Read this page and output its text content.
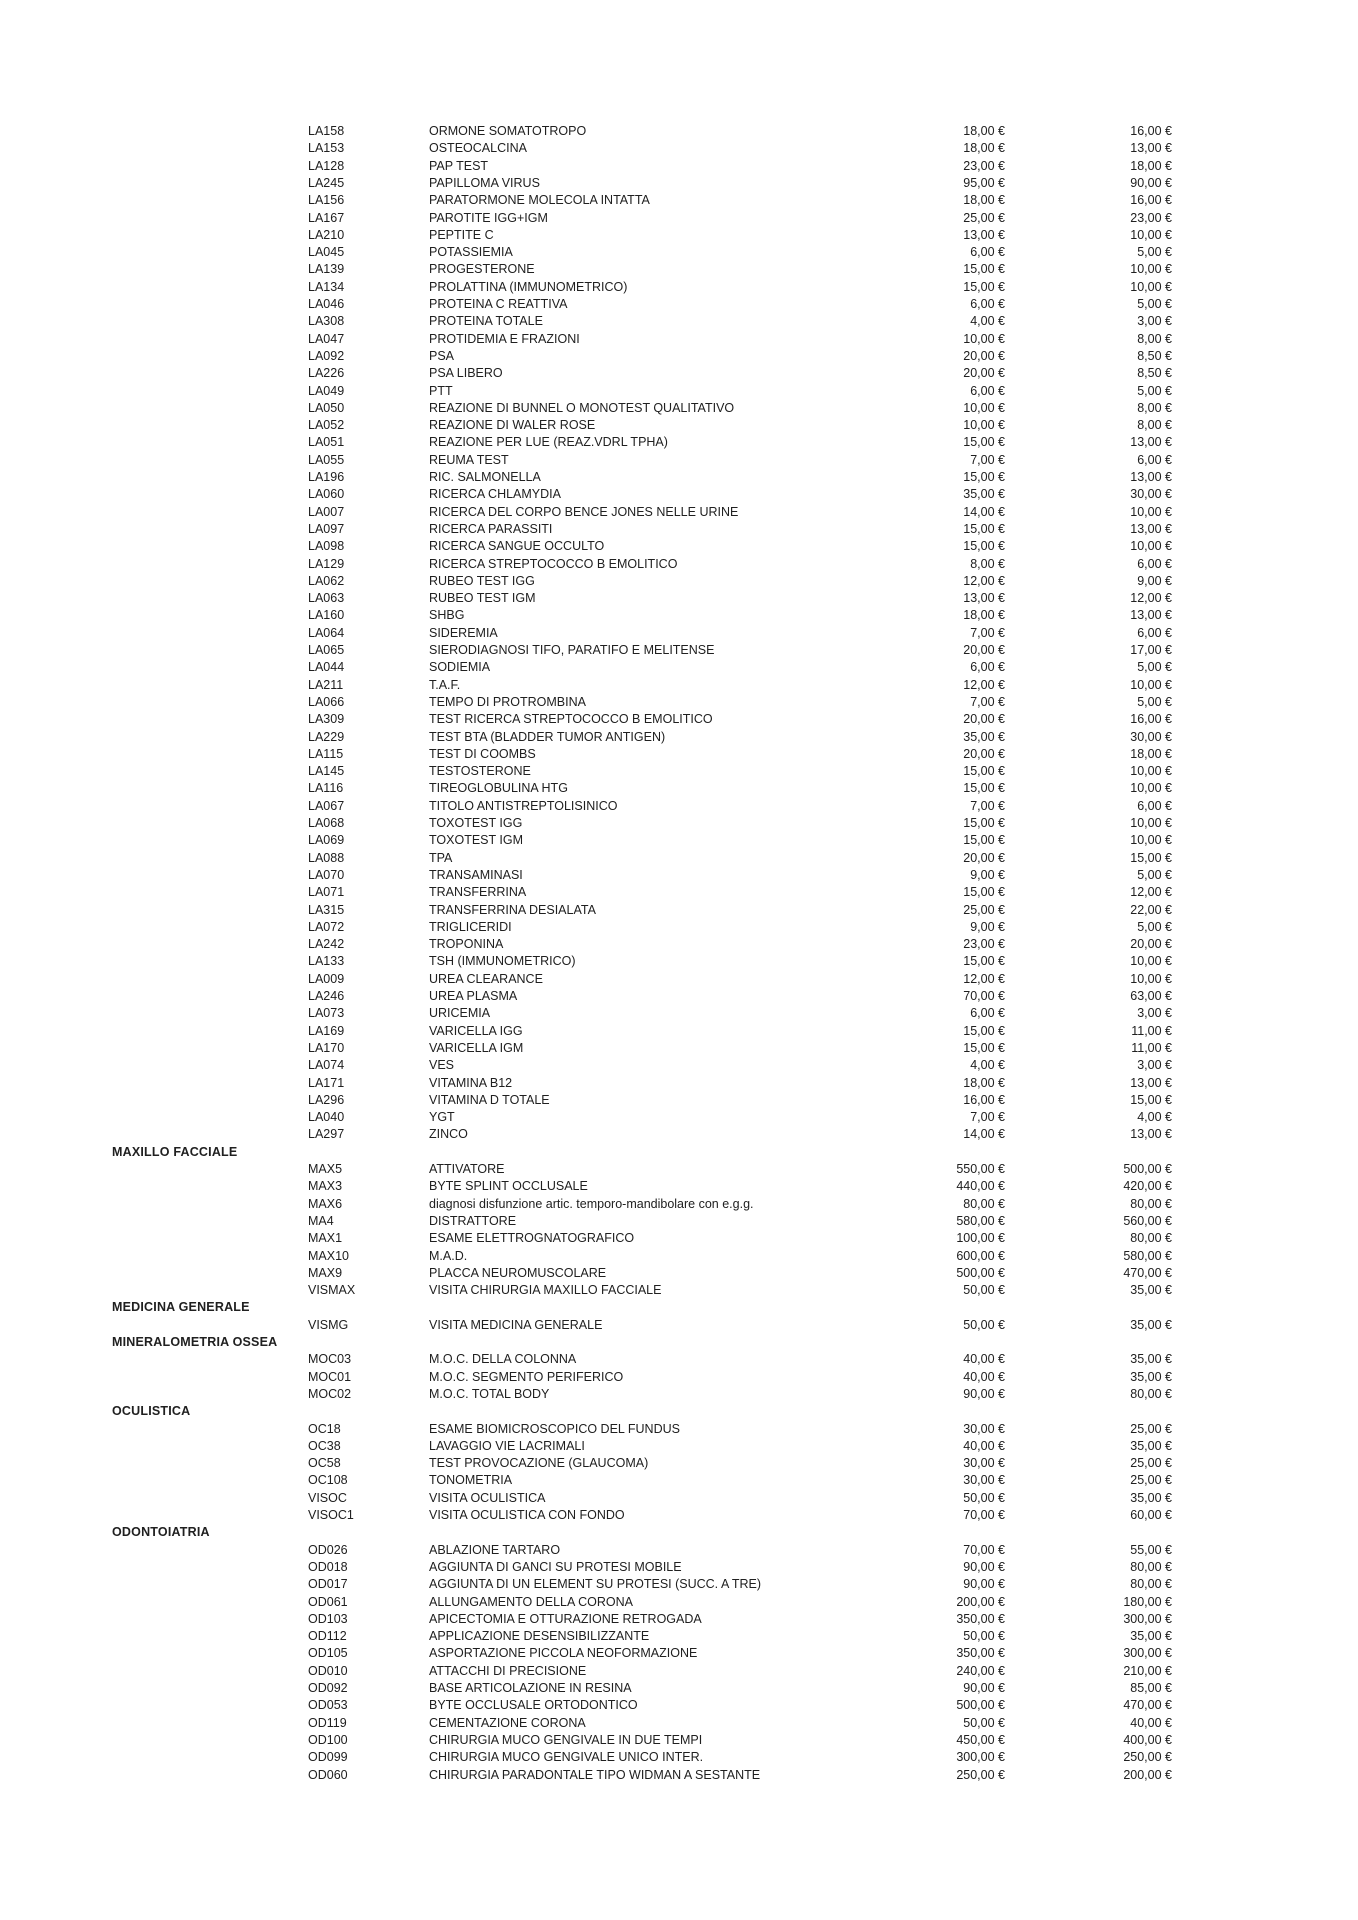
LA158	ORMONE SOMATOTROPO	18,00 €	16,00 €
LA153	OSTEOCALCINA	18,00 €	13,00 €
LA128	PAP TEST	23,00 €	18,00 €
LA245	PAPILLOMA VIRUS	95,00 €	90,00 €
LA156	PARATORMONE MOLECOLA INTATTA	18,00 €	16,00 €
LA167	PAROTITE IGG+IGM	25,00 €	23,00 €
LA210	PEPTITE C	13,00 €	10,00 €
LA045	POTASSIEMIA	6,00 €	5,00 €
LA139	PROGESTERONE	15,00 €	10,00 €
LA134	PROLATTINA (IMMUNOMETRICO)	15,00 €	10,00 €
LA046	PROTEINA C REATTIVA	6,00 €	5,00 €
LA308	PROTEINA TOTALE	4,00 €	3,00 €
LA047	PROTIDEMIA E FRAZIONI	10,00 €	8,00 €
LA092	PSA	20,00 €	8,50 €
LA226	PSA LIBERO	20,00 €	8,50 €
LA049	PTT	6,00 €	5,00 €
LA050	REAZIONE DI BUNNEL O MONOTEST QUALITATIVO	10,00 €	8,00 €
LA052	REAZIONE DI WALER ROSE	10,00 €	8,00 €
LA051	REAZIONE PER LUE (REAZ.VDRL TPHA)	15,00 €	13,00 €
LA055	REUMA TEST	7,00 €	6,00 €
LA196	RIC. SALMONELLA	15,00 €	13,00 €
LA060	RICERCA CHLAMYDIA	35,00 €	30,00 €
LA007	RICERCA DEL CORPO BENCE JONES NELLE URINE	14,00 €	10,00 €
LA097	RICERCA PARASSITI	15,00 €	13,00 €
LA098	RICERCA SANGUE OCCULTO	15,00 €	10,00 €
LA129	RICERCA STREPTOCOCCO B EMOLITICO	8,00 €	6,00 €
LA062	RUBEO TEST IGG	12,00 €	9,00 €
LA063	RUBEO TEST IGM	13,00 €	12,00 €
LA160	SHBG	18,00 €	13,00 €
LA064	SIDEREMIA	7,00 €	6,00 €
LA065	SIERODIAGNOSI TIFO, PARATIFO E MELITENSE	20,00 €	17,00 €
LA044	SODIEMIA	6,00 €	5,00 €
LA211	T.A.F.	12,00 €	10,00 €
LA066	TEMPO DI PROTROMBINA	7,00 €	5,00 €
LA309	TEST RICERCA STREPTOCOCCO B EMOLITICO	20,00 €	16,00 €
LA229	TEST BTA (BLADDER TUMOR ANTIGEN)	35,00 €	30,00 €
LA115	TEST DI COOMBS	20,00 €	18,00 €
LA145	TESTOSTERONE	15,00 €	10,00 €
LA116	TIREOGLOBULINA HTG	15,00 €	10,00 €
LA067	TITOLO ANTISTREPTOLISINICO	7,00 €	6,00 €
LA068	TOXOTEST IGG	15,00 €	10,00 €
LA069	TOXOTEST IGM	15,00 €	10,00 €
LA088	TPA	20,00 €	15,00 €
LA070	TRANSAMINASI	9,00 €	5,00 €
LA071	TRANSFERRINA	15,00 €	12,00 €
LA315	TRANSFERRINA DESIALATA	25,00 €	22,00 €
LA072	TRIGLICERIDI	9,00 €	5,00 €
LA242	TROPONINA	23,00 €	20,00 €
LA133	TSH (IMMUNOMETRICO)	15,00 €	10,00 €
LA009	UREA CLEARANCE	12,00 €	10,00 €
LA246	UREA PLASMA	70,00 €	63,00 €
LA073	URICEMIA	6,00 €	3,00 €
LA169	VARICELLA IGG	15,00 €	11,00 €
LA170	VARICELLA IGM	15,00 €	11,00 €
LA074	VES	4,00 €	3,00 €
LA171	VITAMINA B12	18,00 €	13,00 €
LA296	VITAMINA D TOTALE	16,00 €	15,00 €
LA040	YGT	7,00 €	4,00 €
LA297	ZINCO	14,00 €	13,00 €
MAXILLO FACCIALE
MAX5	ATTIVATORE	550,00 €	500,00 €
MAX3	BYTE SPLINT OCCLUSALE	440,00 €	420,00 €
MAX6	diagnosi disfunzione artic. temporo-mandibolare con e.g.g.	80,00 €	80,00 €
MA4	DISTRATTORE	580,00 €	560,00 €
MAX1	ESAME ELETTROGNATOGRAFICO	100,00 €	80,00 €
MAX10	M.A.D.	600,00 €	580,00 €
MAX9	PLACCA NEUROMUSCOLARE	500,00 €	470,00 €
VISMAX	VISITA CHIRURGIA MAXILLO FACCIALE	50,00 €	35,00 €
MEDICINA GENERALE
VISMG	VISITA MEDICINA GENERALE	50,00 €	35,00 €
MINERALOMETRIA OSSEA
MOC03	M.O.C. DELLA COLONNA	40,00 €	35,00 €
MOC01	M.O.C. SEGMENTO PERIFERICO	40,00 €	35,00 €
MOC02	M.O.C. TOTAL BODY	90,00 €	80,00 €
OCULISTICA
OC18	ESAME BIOMICROSCOPICO DEL FUNDUS	30,00 €	25,00 €
OC38	LAVAGGIO VIE LACRIMALI	40,00 €	35,00 €
OC58	TEST PROVOCAZIONE (GLAUCOMA)	30,00 €	25,00 €
OC108	TONOMETRIA	30,00 €	25,00 €
VISOC	VISITA OCULISTICA	50,00 €	35,00 €
VISOC1	VISITA OCULISTICA CON FONDO	70,00 €	60,00 €
ODONTOIATRIA
OD026	ABLAZIONE TARTARO	70,00 €	55,00 €
OD018	AGGIUNTA DI GANCI SU PROTESI MOBILE	90,00 €	80,00 €
OD017	AGGIUNTA DI UN ELEMENT SU PROTESI (SUCC. A TRE)	90,00 €	80,00 €
OD061	ALLUNGAMENTO DELLA CORONA	200,00 €	180,00 €
OD103	APICECTOMIA E OTTURAZIONE RETROGADA	350,00 €	300,00 €
OD112	APPLICAZIONE DESENSIBILIZZANTE	50,00 €	35,00 €
OD105	ASPORTAZIONE PICCOLA NEOFORMAZIONE	350,00 €	300,00 €
OD010	ATTACCHI DI PRECISIONE	240,00 €	210,00 €
OD092	BASE ARTICOLAZIONE IN RESINA	90,00 €	85,00 €
OD053	BYTE OCCLUSALE ORTODONTICO	500,00 €	470,00 €
OD119	CEMENTAZIONE CORONA	50,00 €	40,00 €
OD100	CHIRURGIA MUCO GENGIVALE IN DUE TEMPI	450,00 €	400,00 €
OD099	CHIRURGIA MUCO GENGIVALE UNICO INTER.	300,00 €	250,00 €
OD060	CHIRURGIA PARADONTALE TIPO WIDMAN A SESTANTE	250,00 €	200,00 €
